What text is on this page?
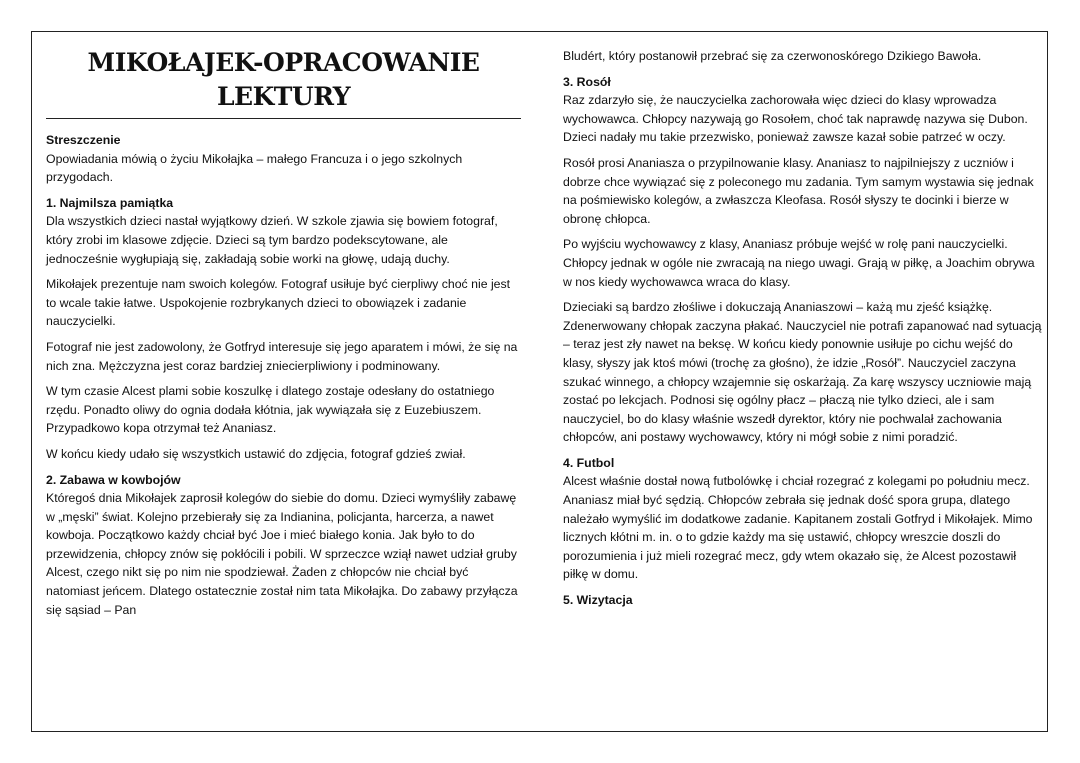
MIKOŁAJEK-OPRACOWANIE
LEKTURY
Streszczenie

Opowiadania mówią o życiu Mikołajka – małego Francuza i o jego szkolnych przygodach.

1. Najmilsza pamiątka

Dla wszystkich dzieci nastał wyjątkowy dzień. W szkole zjawia się bowiem fotograf, który zrobi im klasowe zdjęcie. Dzieci są tym bardzo podekscytowane, ale jednocześnie wygłupiają się, zakładają sobie worki na głowę, udają duchy.

Mikołajek prezentuje nam swoich kolegów. Fotograf usiłuje być cierpliwy choć nie jest to wcale takie łatwe. Uspokojenie rozbrykanych dzieci to obowiązek i zadanie nauczycielki.

Fotograf nie jest zadowolony, że Gotfryd interesuje się jego aparatem i mówi, że się na nich zna. Mężczyzna jest coraz bardziej zniecierpliwiony i podminowany.

W tym czasie Alcest plami sobie koszulkę i dlatego zostaje odesłany do ostatniego rzędu. Ponadto oliwy do ognia dodała kłótnia, jak wywiązała się z Euzebiuszem. Przypadkowo kopa otrzymał też Ananiasz.

W końcu kiedy udało się wszystkich ustawić do zdjęcia, fotograf gdzieś zwiał.

2. Zabawa w kowbojów

Któregoś dnia Mikołajek zaprosił kolegów do siebie do domu. Dzieci wymyśliły zabawę w „męski” świat. Kolejno przebierały się za Indianina, policjanta, harcerza, a nawet kowboja. Początkowo każdy chciał być Joe i mieć białego konia. Jak było to do przewidzenia, chłopcy znów się pokłócili i pobili. W sprzeczce wziął nawet udział gruby Alcest, czego nikt się po nim nie spodziewał. Żaden z chłopców nie chciał być natomiast jeńcem. Dlatego ostatecznie został nim tata Mikołajka. Do zabawy przyłącza się sąsiad – Pan

Bludért, który postanowił przebrać się za czerwonoskórego Dzikiego Bawoła.

3. Rosół

Raz zdarzyło się, że nauczycielka zachorowała więc dzieci do klasy wprowadza wychowawca. Chłopcy nazywają go Rosołem, choć tak naprawdę nazywa się Dubon. Dzieci nadały mu takie przezwisko, ponieważ zawsze kazał sobie patrzeć w oczy.

Rosół prosi Ananiasza o przypilnowanie klasy. Ananiasz to najpilniejszy z uczniów i dobrze chce wywiązać się z poleconego mu zadania. Tym samym wystawia się jednak na pośmiewisko kolegów, a zwłaszcza Kleofasa. Rosół słyszy te docinki i bierze w obronę chłopca.

Po wyjściu wychowawcy z klasy, Ananiasz próbuje wejść w rolę pani nauczycielki. Chłopcy jednak w ogóle nie zwracają na niego uwagi. Grają w piłkę, a Joachim obrywa w nos kiedy wychowawca wraca do klasy.

Dzieciaki są bardzo złośliwe i dokuczają Ananiaszowi – każą mu zjeść książkę. Zdenerwowany chłopak zaczyna płakać. Nauczyciel nie potrafi zapanować nad sytuacją – teraz jest zły nawet na beksę. W końcu kiedy ponownie usiłuje po cichu wejść do klasy, słyszy jak ktoś mówi (trochę za głośno), że idzie „Rosół”. Nauczyciel zaczyna szukać winnego, a chłopcy wzajemnie się oskarżają. Za karę wszyscy uczniowie mają zostać po lekcjach. Podnosi się ogólny płacz – płaczą nie tylko dzieci, ale i sam nauczyciel, bo do klasy właśnie wszedł dyrektor, który nie pochwalał zachowania chłopców, ani postawy wychowawcy, który ni mógł sobie z nimi poradzić.

4. Futbol

Alcest właśnie dostał nową futbolówkę i chciał rozegrać z kolegami po południu mecz. Ananiasz miał być sędzią. Chłopców zebrała się jednak dość spora grupa, dlatego należało wymyślić im dodatkowe zadanie. Kapitanem zostali Gotfryd i Mikołajek. Mimo licznych kłótni m. in. o to gdzie każdy ma się ustawić, chłopcy wreszcie doszli do porozumienia i już mieli rozegrać mecz, gdy wtem okazało się, że Alcest pozostawił piłkę w domu.

5. Wizytacja
